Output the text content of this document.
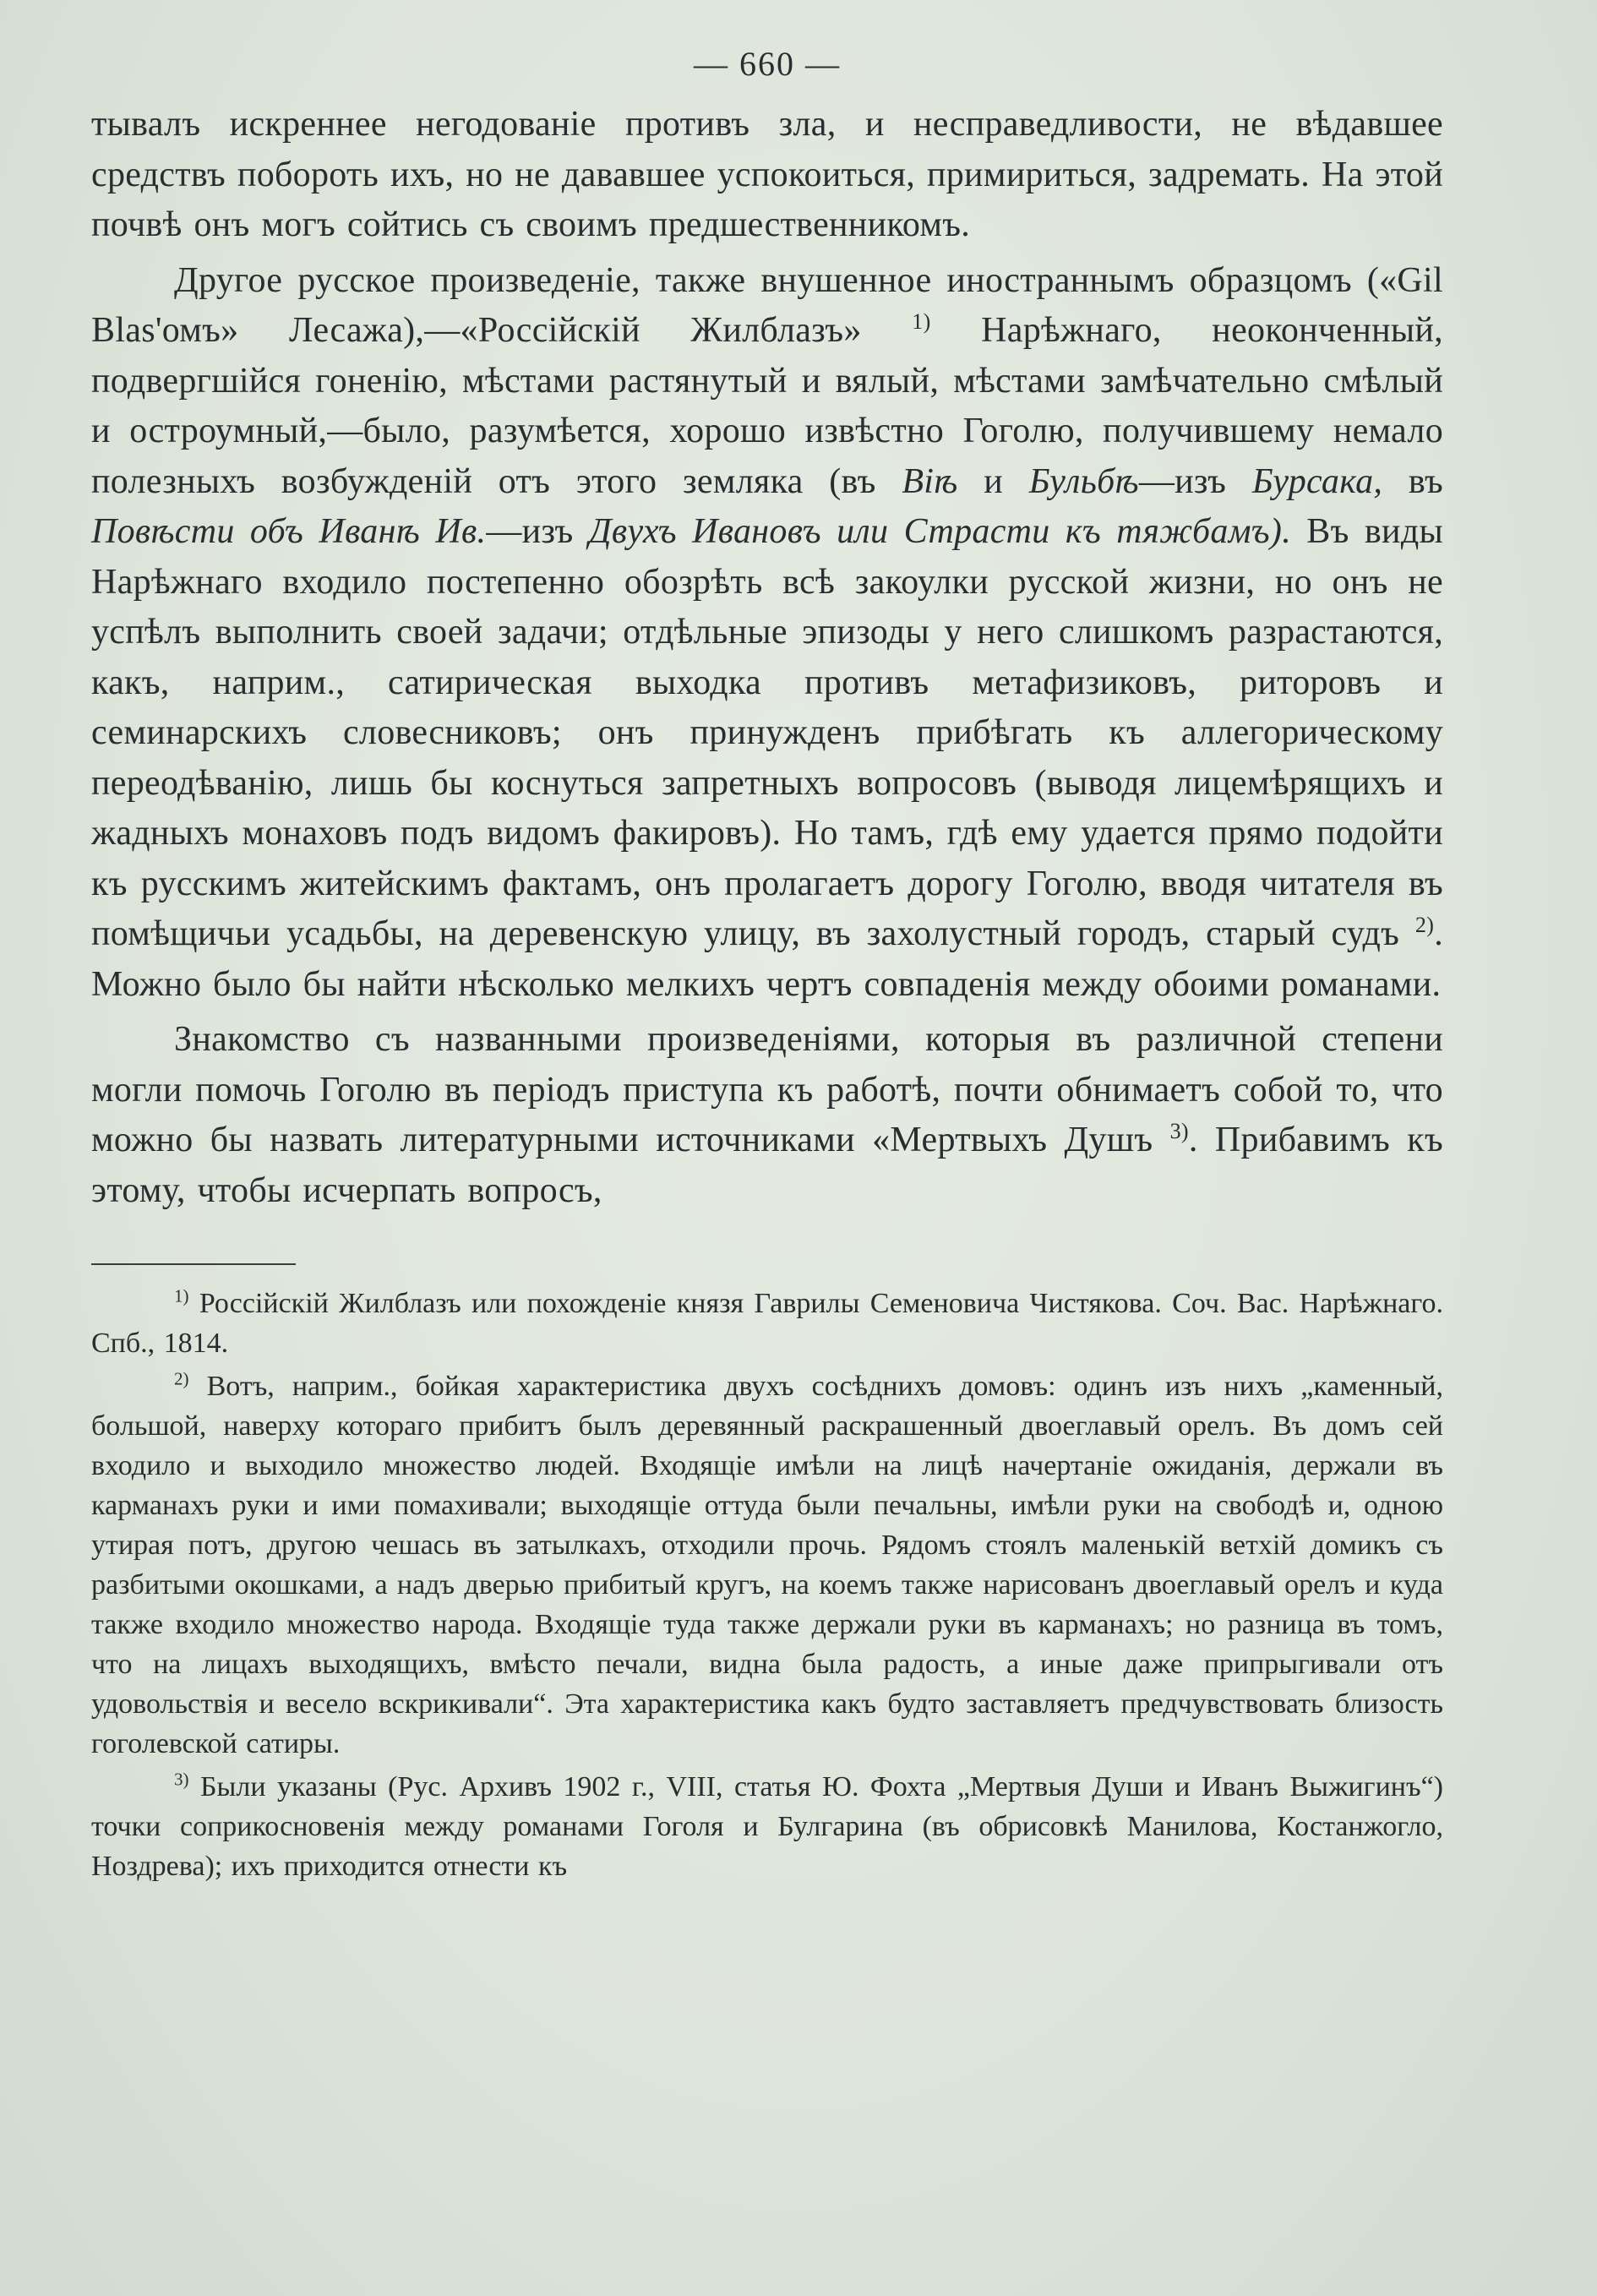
— 660 —

тывалъ искреннее негодованіе противъ зла, и несправедливости, не вѣдавшее средствъ побороть ихъ, но не дававшее успокоиться, примириться, задремать. На этой почвѣ онъ могъ сойтись съ своимъ предшественникомъ.

Другое русское произведеніе, также внушенное иностраннымъ образцомъ («Gil Blas'омъ» Лесажа),—«Россійскій Жилблазъ» $^{1)}$ Нарѣжнаго, неоконченный, подвергшійся гоненію, мѣстами растянутый и вялый, мѣстами замѣчательно смѣлый и остроумный,—было, разумѣется, хорошо извѣстно Гоголю, получившему немало полезныхъ возбужденій отъ этого земляка (въ Віѣ и Бульбѣ—изъ Бурсака, въ Повѣсти объ Иванѣ Ив.—изъ Двухъ Ивановъ или Страсти къ тяжбамъ). Въ виды Нарѣжнаго входило постепенно обозрѣть всѣ закоулки русской жизни, но онъ не успѣлъ выполнить своей задачи; отдѣльные эпизоды у него слишкомъ разрастаются, какъ, наприм., сатирическая выходка противъ метафизиковъ, риторовъ и семинарскихъ словесниковъ; онъ принужденъ прибѣгать къ аллегорическому переодѣванію, лишь бы коснуться запретныхъ вопросовъ (выводя лицемѣрящихъ и жадныхъ монаховъ подъ видомъ факировъ). Но тамъ, гдѣ ему удается прямо подойти къ русскимъ житейскимъ фактамъ, онъ пролагаетъ дорогу Гоголю, вводя читателя въ помѣщичьи усадьбы, на деревенскую улицу, въ захолустный городъ, старый судъ $^{2)}$. Можно было бы найти нѣсколько мелкихъ чертъ совпаденія между обоими романами.

Знакомство съ названными произведеніями, которыя въ различной степени могли помочь Гоголю въ періодъ приступа къ работѣ, почти обнимаетъ собой то, что можно бы назвать литературными источниками «Мертвыхъ Душъ $^{3)}$. Прибавимъ къ этому, чтобы исчерпать вопросъ,

$^{1)}$ Россійскій Жилблазъ или похожденіе князя Гаврилы Семеновича Чистякова. Соч. Вас. Нарѣжнаго. Спб., 1814.

$^{2)}$ Вотъ, наприм., бойкая характеристика двухъ сосѣднихъ домовъ: одинъ изъ нихъ „каменный, большой, наверху котораго прибитъ былъ деревянный раскрашенный двоеглавый орелъ. Въ домъ сей входило и выходило множество людей. Входящіе имѣли на лицѣ начертаніе ожиданія, держали въ карманахъ руки и ими помахивали; выходящіе оттуда были печальны, имѣли руки на свободѣ и, одною утирая потъ, другою чешась въ затылкахъ, отходили прочь. Рядомъ стоялъ маленькій ветхій домикъ съ разбитыми окошками, а надъ дверью прибитый кругъ, на коемъ также нарисованъ двоеглавый орелъ и куда также входило множество народа. Входящіе туда также держали руки въ карманахъ; но разница въ томъ, что на лицахъ выходящихъ, вмѣсто печали, видна была радость, а иные даже припрыгивали отъ удовольствія и весело вскрикивали“. Эта характеристика какъ будто заставляетъ предчувствовать близость гоголевской сатиры.

$^{3)}$ Были указаны (Рус. Архивъ 1902 г., VIII, статья Ю. Фохта „Мертвыя Души и Иванъ Выжигинъ“) точки соприкосновенія между романами Гоголя и Булгарина (въ обрисовкѣ Манилова, Костанжогло, Ноздрева); ихъ приходится отнести къ
